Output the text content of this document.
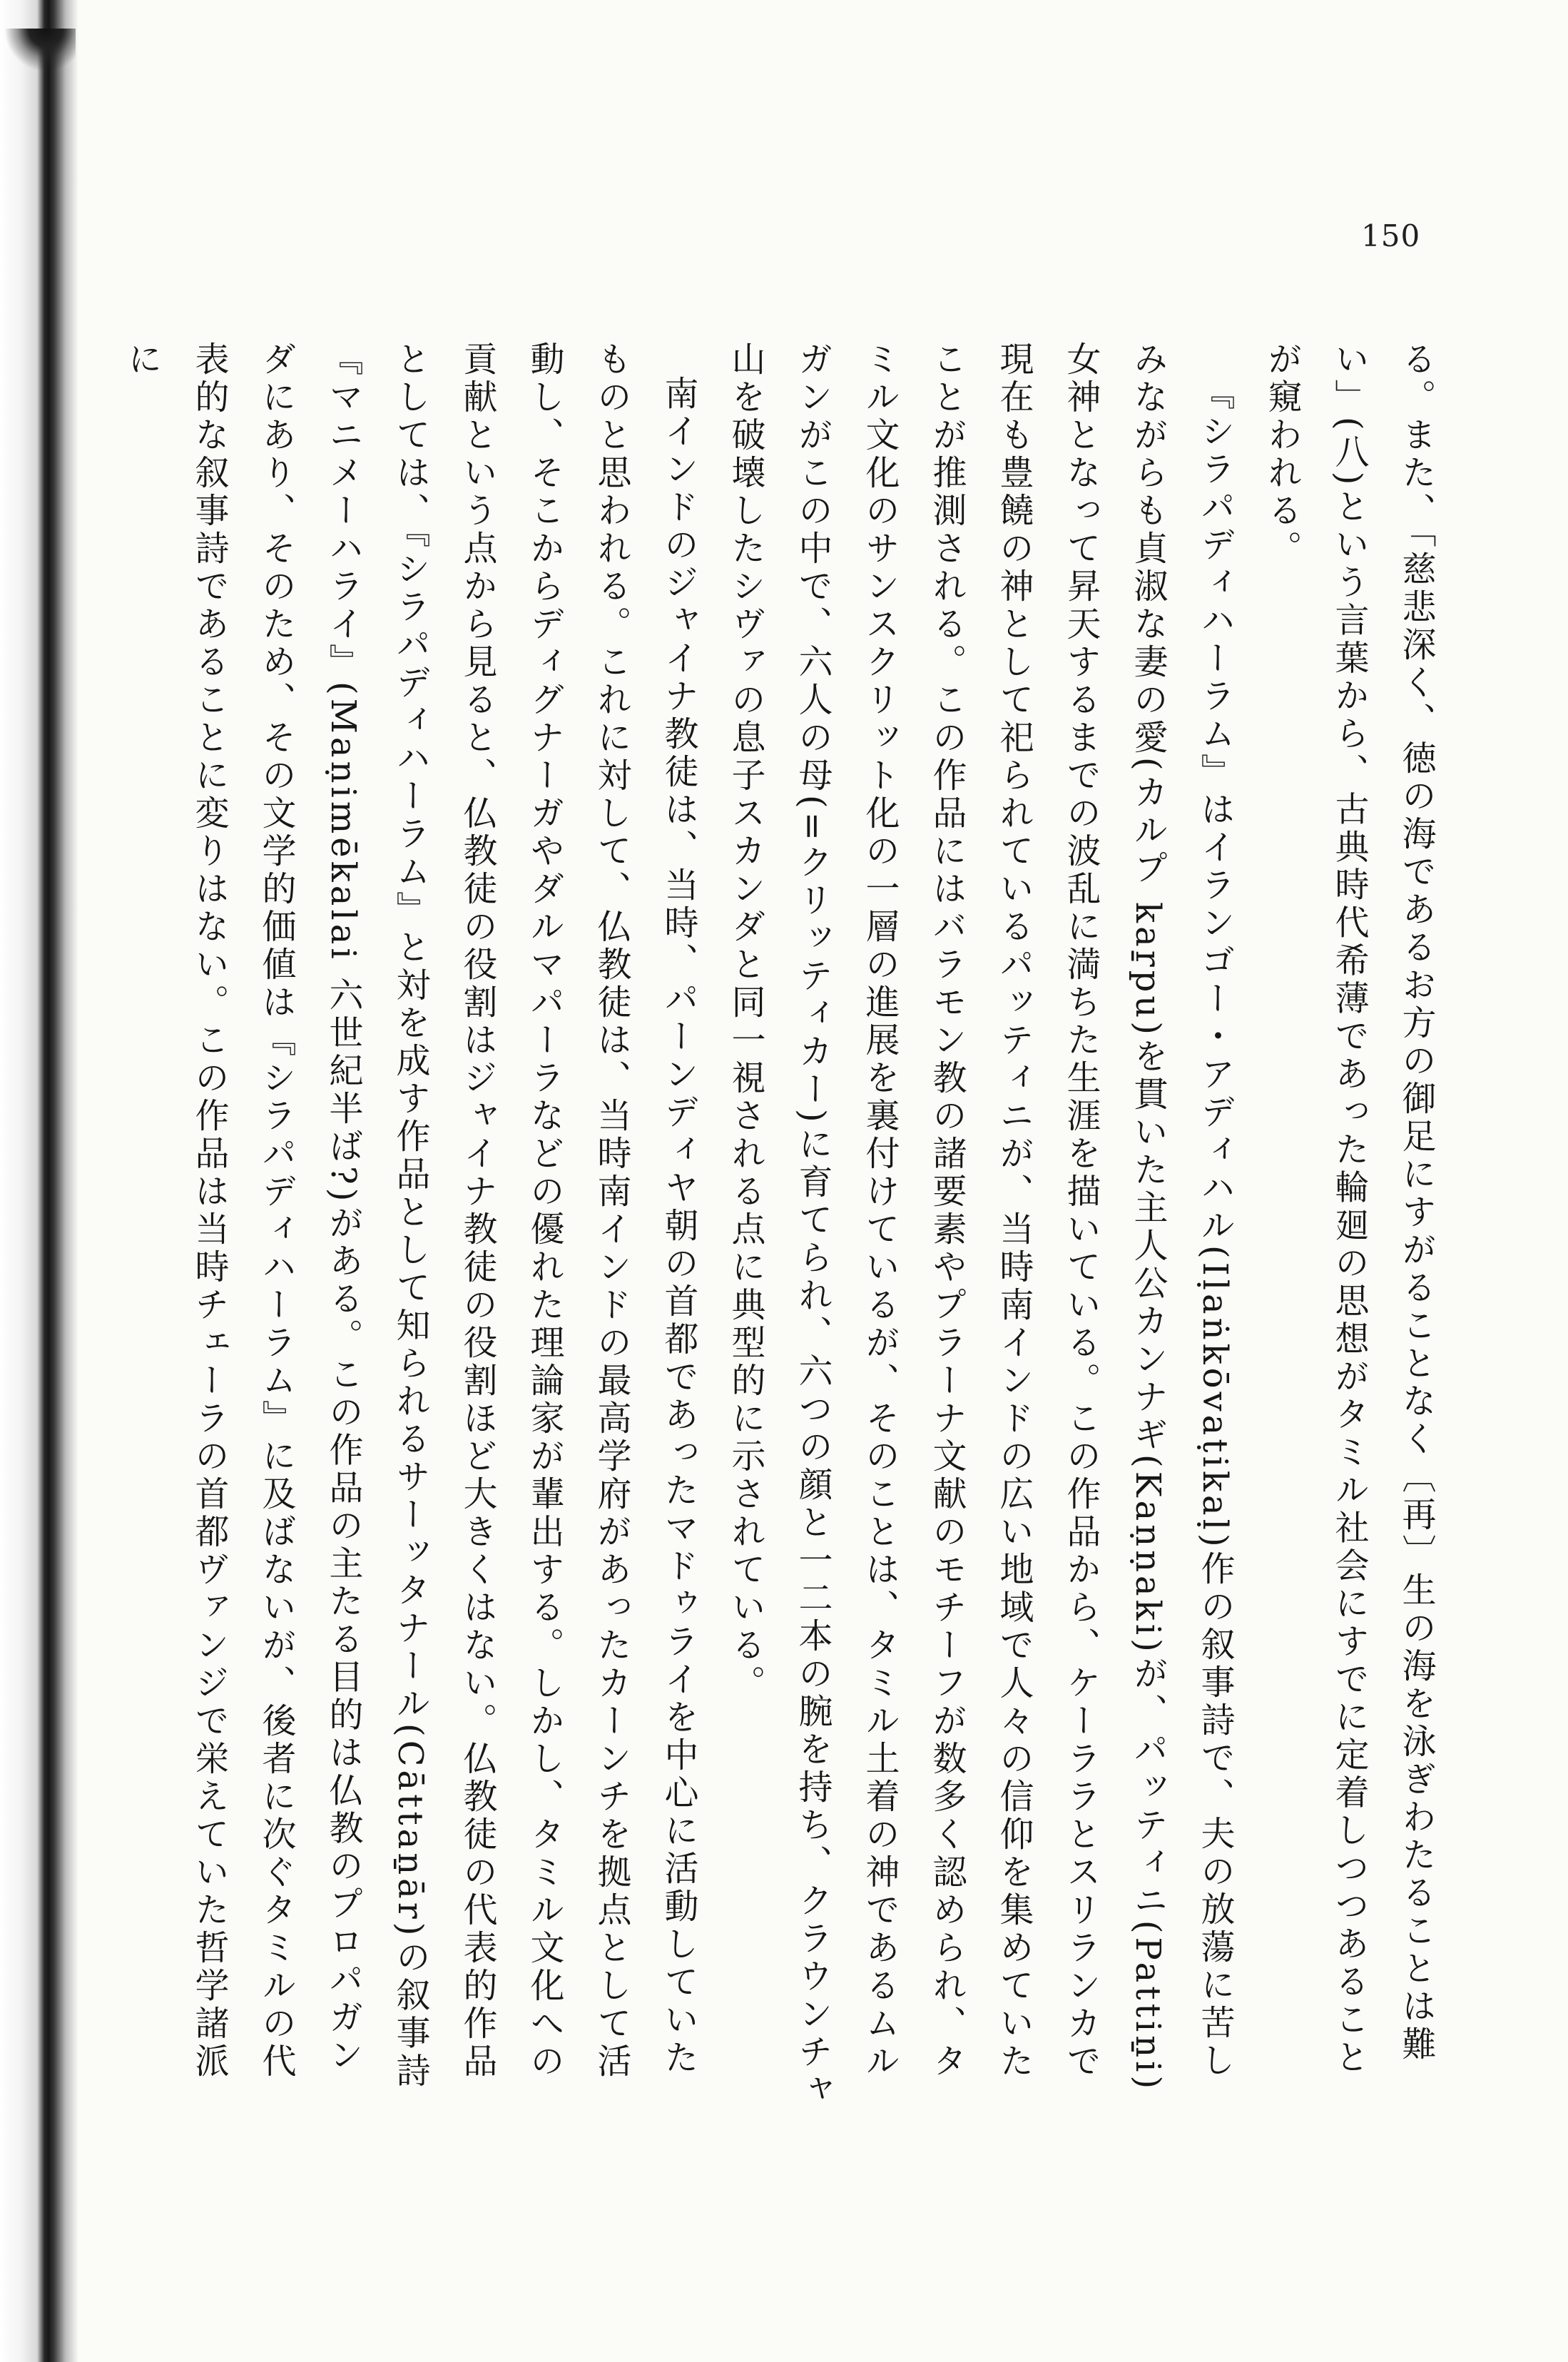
150

る。また、「慈悲深く、徳の海であるお方の御足にすがることなく〔再〕生の海を泳ぎわたることは難い」(八)という言葉から、古典時代希薄であった輪廻の思想がタミル社会にすでに定着しつつあることが窺われる。

『シラパディハーラム』はイランゴー・アディハル(Iḷaṅkōvaṭikaḷ)作の叙事詩で、夫の放蕩に苦しみながらも貞淑な妻の愛(カルプ kaṟpu)を貫いた主人公カンナギ(Kaṇṇaki)が、パッティニ(Pattiṉi)女神となって昇天するまでの波乱に満ちた生涯を描いている。この作品から、ケーララとスリランカで現在も豊饒の神として祀られているパッティニが、当時南インドの広い地域で人々の信仰を集めていたことが推測される。この作品にはバラモン教の諸要素やプラーナ文献のモチーフが数多く認められ、タミル文化のサンスクリット化の一層の進展を裏付けているが、そのことは、タミル土着の神であるムルガンがこの中で、六人の母(=クリッティカー)に育てられ、六つの顔と一二本の腕を持ち、クラウンチャ山を破壊したシヴァの息子スカンダと同一視される点に典型的に示されている。

南インドのジャイナ教徒は、当時、パーンディヤ朝の首都であったマドゥライを中心に活動していたものと思われる。これに対して、仏教徒は、当時南インドの最高学府があったカーンチを拠点として活動し、そこからディグナーガやダルマパーラなどの優れた理論家が輩出する。しかし、タミル文化への貢献という点から見ると、仏教徒の役割はジャイナ教徒の役割ほど大きくはない。仏教徒の代表的作品としては、『シラパディハーラム』と対を成す作品として知られるサーッタナール(Cāttaṉār)の叙事詩『マニメーハライ』(Maṇimēkalai 六世紀半ば?)がある。この作品の主たる目的は仏教のプロパガンダにあり、そのため、その文学的価値は『シラパディハーラム』に及ばないが、後者に次ぐタミルの代表的な叙事詩であることに変りはない。この作品は当時チェーラの首都ヴァンジで栄えていた哲学諸派に
